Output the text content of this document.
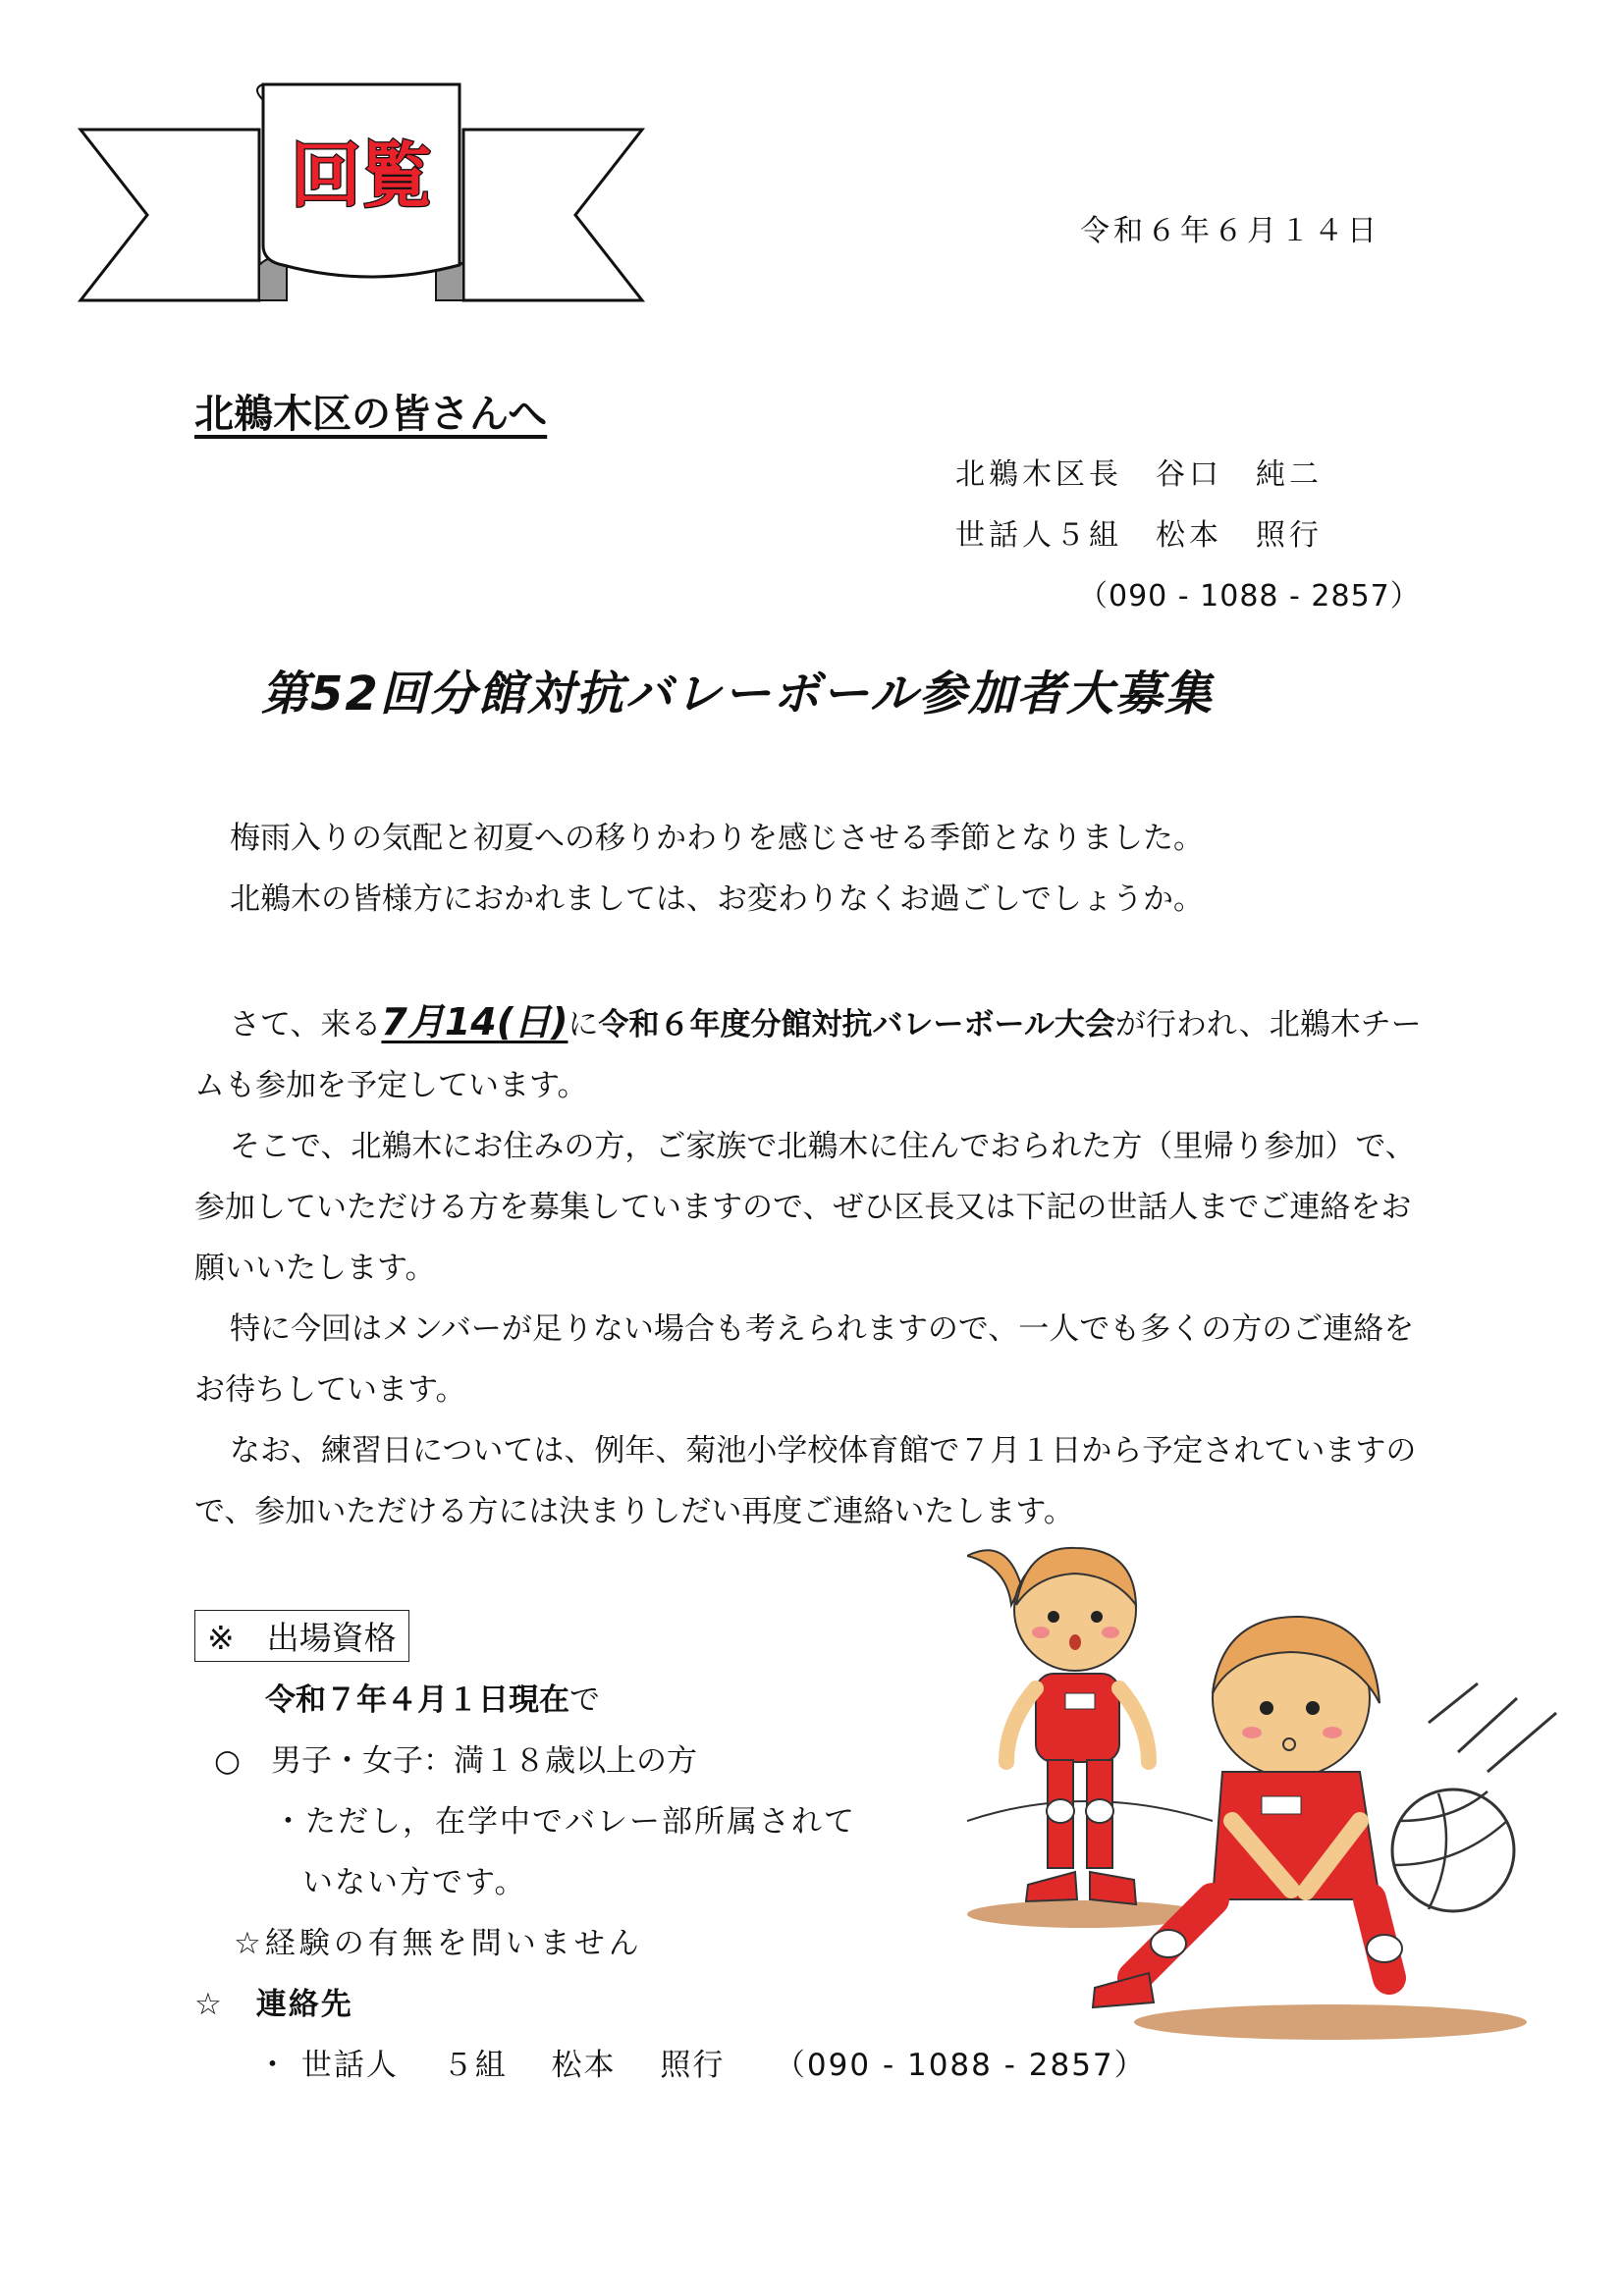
回覧
令和６年６月１４日
北鵜木区の皆さんへ
北鵜木区長　谷口　純二
世話人５組　松本　照行
（090 - 1088 - 2857）
第52回分館対抗バレーボール参加者大募集

梅雨入りの気配と初夏への移りかわりを感じさせる季節となりました。

北鵜木の皆様方におかれましては、お変わりなくお過ごしでしょうか。

さて、来る7月14(日)に令和６年度分館対抗バレーボール大会が行われ、北鵜木チームも参加を予定しています。

そこで、北鵜木にお住みの方，ご家族で北鵜木に住んでおられた方（里帰り参加）で、参加していただける方を募集していますので、ぜひ区長又は下記の世話人までご連絡をお願いいたします。

特に今回はメンバーが足りない場合も考えられますので、一人でも多くの方のご連絡をお待ちしています。

なお、練習日については、例年、菊池小学校体育館で７月１日から予定されていますので、参加いただける方には決まりしだい再度ご連絡いたします。

※　出場資格
令和７年４月１日現在で
○　男子・女子：満１８歳以上の方
・ただし，在学中でバレー部所属されて
いない方です。
☆経験の有無を問いません
☆　連絡先
・ 世話人　 ５組　 松本　 照行　　（090 - 1088 - 2857）
